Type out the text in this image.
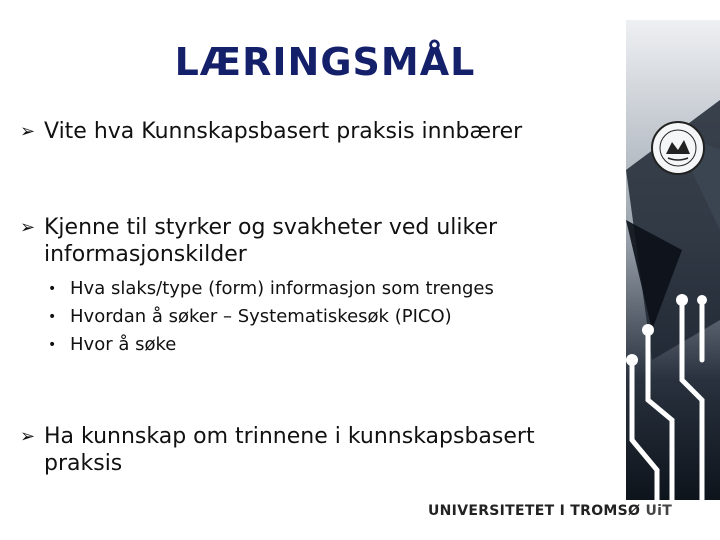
LÆRINGSMÅL
➢ Vite hva Kunnskapsbasert praksis innbærer
➢ Kjenne til styrker og svakheter ved uliker informasjonskilder
• Hva slaks/type (form) informasjon som trenges
• Hvordan å søker – Systematiskesøk (PICO)
• Hvor å søke
➢ Ha kunnskap om trinnene i kunnskapsbasert praksis
UNIVERSITETET I TROMSØ UiT
